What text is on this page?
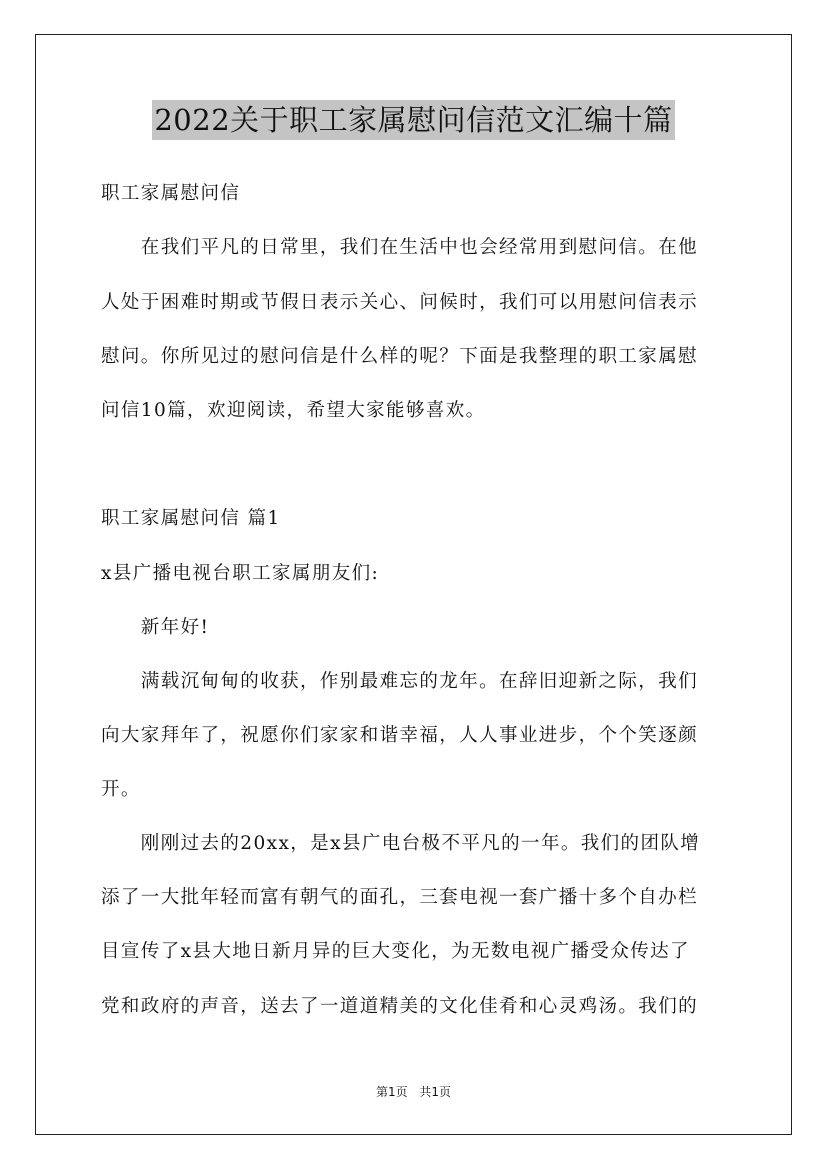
2022关于职工家属慰问信范文汇编十篇
职工家属慰问信
　　在我们平凡的日常里，我们在生活中也会经常用到慰问信。在他
人处于困难时期或节假日表示关心、问候时，我们可以用慰问信表示
慰问。你所见过的慰问信是什么样的呢？下面是我整理的职工家属慰
问信10篇，欢迎阅读，希望大家能够喜欢。
职工家属慰问信 篇1
x县广播电视台职工家属朋友们:
　　新年好!
　　满载沉甸甸的收获，作别最难忘的龙年。在辞旧迎新之际，我们
向大家拜年了，祝愿你们家家和谐幸福，人人事业进步，个个笑逐颜
开。
　　刚刚过去的20xx，是x县广电台极不平凡的一年。我们的团队增
添了一大批年轻而富有朝气的面孔，三套电视一套广播十多个自办栏
目宣传了x县大地日新月异的巨大变化，为无数电视广播受众传达了
党和政府的声音，送去了一道道精美的文化佳肴和心灵鸡汤。我们的
第1页 共1页
